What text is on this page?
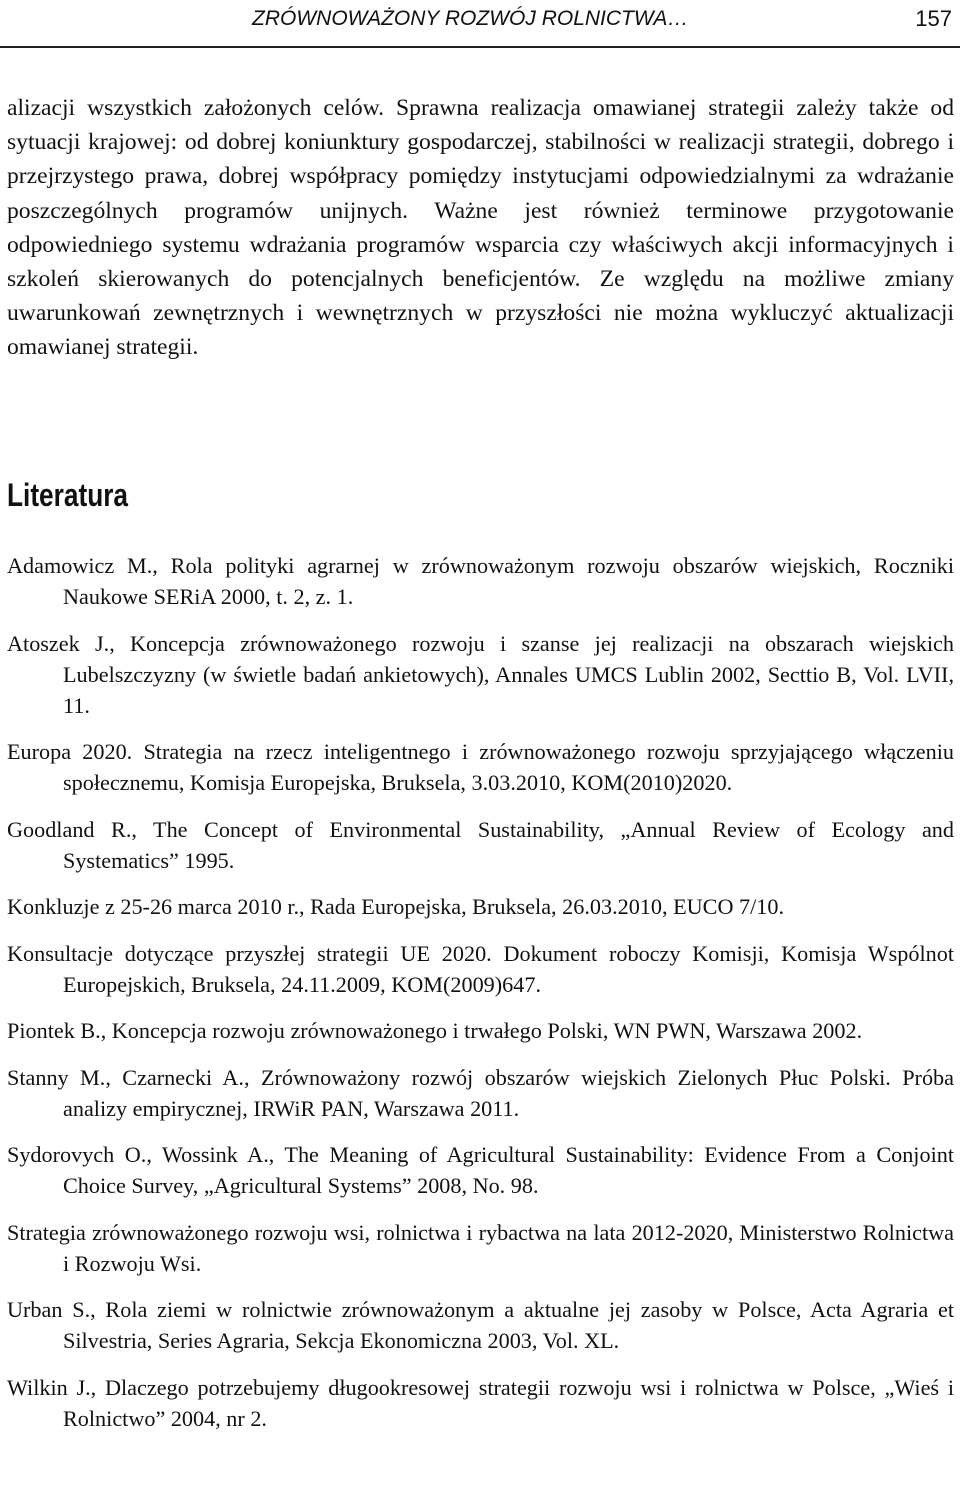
ZRÓWNOWAŻONY ROZWÓJ ROLNICTWA…	157

alizacji wszystkich założonych celów. Sprawna realizacja omawianej strategii zależy także od sytuacji krajowej: od dobrej koniunktury gospodarczej, stabilności w realizacji strategii, dobrego i przejrzystego prawa, dobrej współpracy pomiędzy instytucjami odpowiedzialnymi za wdrażanie poszczególnych programów unijnych. Ważne jest również terminowe przygotowanie odpowiedniego systemu wdrażania programów wsparcia czy właściwych akcji informacyjnych i szkoleń skierowanych do potencjalnych beneficjentów. Ze względu na możliwe zmiany uwarunkowań zewnętrznych i wewnętrznych w przyszłości nie można wykluczyć aktualizacji omawianej strategii.

Literatura
Adamowicz M., Rola polityki agrarnej w zrównoważonym rozwoju obszarów wiejskich, Roczniki Naukowe SERiA 2000, t. 2, z. 1.
Atoszek J., Koncepcja zrównoważonego rozwoju i szanse jej realizacji na obszarach wiejskich Lubelszczyzny (w świetle badań ankietowych), Annales UMCS Lublin 2002, Secttio B, Vol. LVII, 11.
Europa 2020. Strategia na rzecz inteligentnego i zrównoważonego rozwoju sprzyjającego włączeniu społecznemu, Komisja Europejska, Bruksela, 3.03.2010, KOM(2010)2020.
Goodland R., The Concept of Environmental Sustainability, „Annual Review of Ecology and Systematics” 1995.
Konkluzje z 25-26 marca 2010 r., Rada Europejska, Bruksela, 26.03.2010, EUCO 7/10.
Konsultacje dotyczące przyszłej strategii UE 2020. Dokument roboczy Komisji, Komisja Wspólnot Europejskich, Bruksela, 24.11.2009, KOM(2009)647.
Piontek B., Koncepcja rozwoju zrównoważonego i trwałego Polski, WN PWN, Warszawa 2002.
Stanny M., Czarnecki A., Zrównoważony rozwój obszarów wiejskich Zielonych Płuc Polski. Próba analizy empirycznej, IRWiR PAN, Warszawa 2011.
Sydorovych O., Wossink A., The Meaning of Agricultural Sustainability: Evidence From a Conjoint Choice Survey, „Agricultural Systems” 2008, No. 98.
Strategia zrównoważonego rozwoju wsi, rolnictwa i rybactwa na lata 2012-2020, Ministerstwo Rolnictwa i Rozwoju Wsi.
Urban S., Rola ziemi w rolnictwie zrównoważonym a aktualne jej zasoby w Polsce, Acta Agraria et Silvestria, Series Agraria, Sekcja Ekonomiczna 2003, Vol. XL.
Wilkin J., Dlaczego potrzebujemy długookresowej strategii rozwoju wsi i rolnictwa w Polsce, „Wieś i Rolnictwo” 2004, nr 2.
